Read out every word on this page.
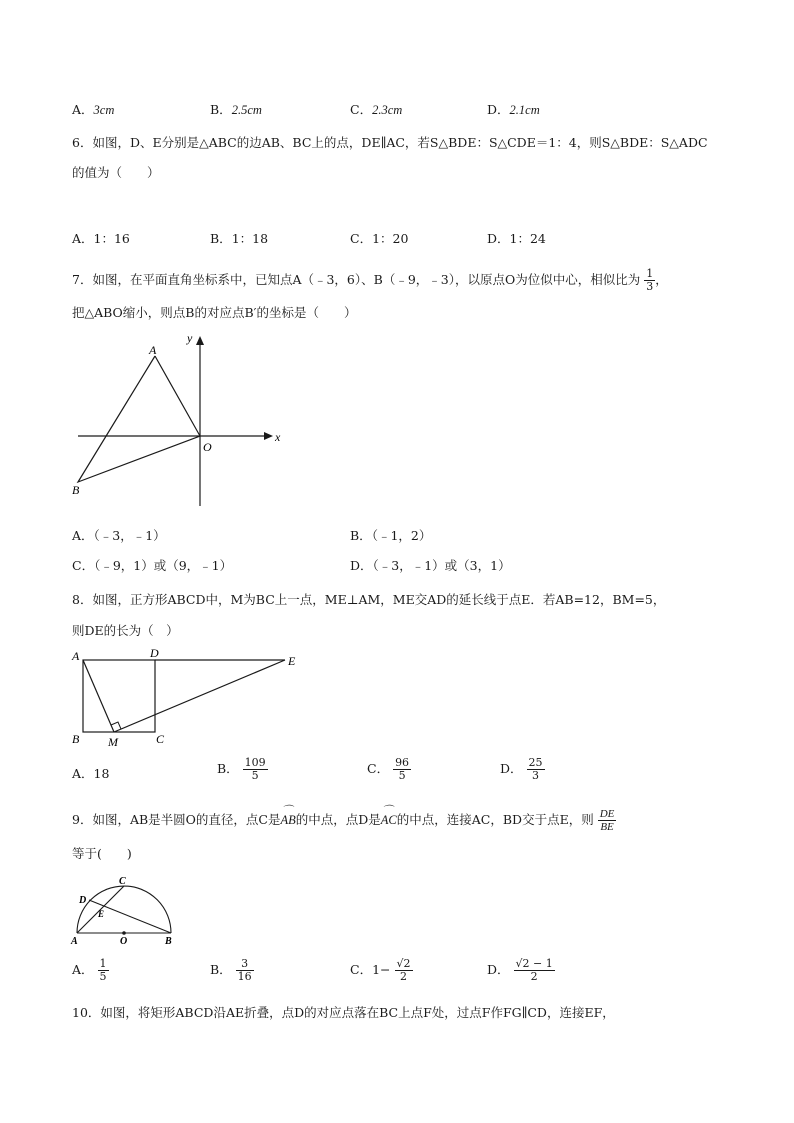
A．3cm	B．2.5cm	C．2.3cm	D．2.1cm
6．如图，D、E分别是△ABC的边AB、BC上的点，DE∥AC，若S△BDE：S△CDE＝1：4，则S△BDE：S△ADC
的值为（　　）
A．1：16	B．1：18	C．1：20	D．1：24
7．如图，在平面直角坐标系中，已知点A（﹣3，6）、B（﹣9，﹣3），以原点O为位似中心，相似比为 $\frac{1}{3}$ ，
把△ABO缩小，则点B的对应点B′的坐标是（　　）
A
B
O
x
y
A．（﹣3，﹣1）	B．（﹣1，2）
C．（﹣9，1）或（9，﹣1）	D．（﹣3，﹣1）或（3，1）
8．如图，正方形ABCD中，M为BC上一点，ME⊥AM，ME交AD的延长线于点E．若AB=12，BM=5，
则DE的长为（　）
A	D
E
B M	C
A．18	B． $\frac{109}{5}$	C． $\frac{96}{5}$	D． $\frac{25}{3}$
9．如图，AB是半圆O的直径，点C是⌒ AB的中点，点D是⌒ AC的中点，连接AC，BD交于点E，则 $\frac{DE}{BE}$
等于(　　)
C
D
E
A	O	B
A． $\frac{1}{5}$	B． $\frac{3}{16}$	C．$1- \frac{√2}{2}$	D． $\frac{√2 - 1}{2}$
10．如图，将矩形ABCD沿AE折叠，点D的对应点落在BC上点F处，过点F作FG∥CD，连接EF，
